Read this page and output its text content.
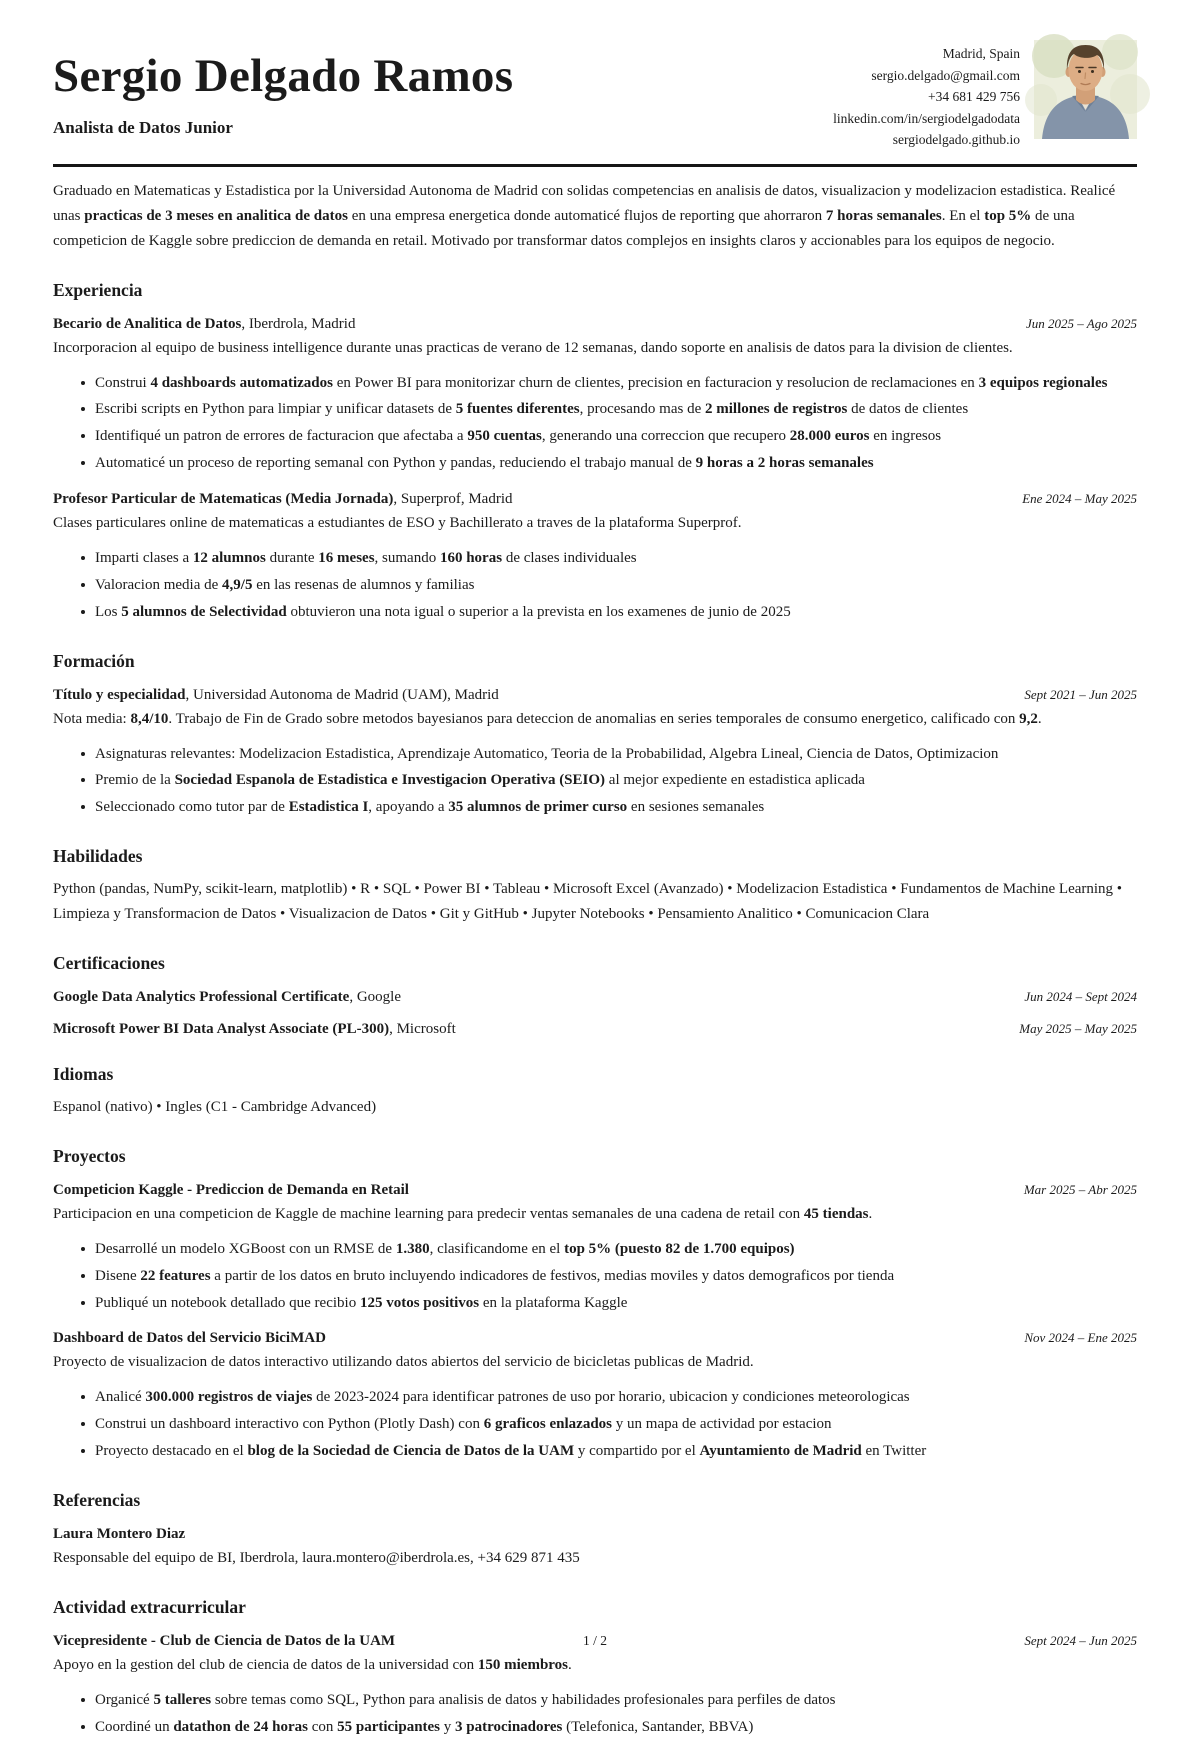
Sergio Delgado Ramos
Analista de Datos Junior
Madrid, Spain
sergio.delgado@gmail.com
+34 681 429 756
linkedin.com/in/sergiodelgadodata
sergiodelgado.github.io

Graduado en Matematicas y Estadistica por la Universidad Autonoma de Madrid con solidas competencias en analisis de datos, visualizacion y modelizacion estadistica. Realicé unas practicas de 3 meses en analitica de datos en una empresa energetica donde automaticé flujos de reporting que ahorraron 7 horas semanales. En el top 5% de una competicion de Kaggle sobre prediccion de demanda en retail. Motivado por transformar datos complejos en insights claros y accionables para los equipos de negocio.

Experiencia
Becario de Analitica de Datos, Iberdrola, Madrid	Jun 2025 – Ago 2025

Incorporacion al equipo de business intelligence durante unas practicas de verano de 12 semanas, dando soporte en analisis de datos para la division de clientes.

Construi 4 dashboards automatizados en Power BI para monitorizar churn de clientes, precision en facturacion y resolucion de reclamaciones en 3 equipos regionales
Escribi scripts en Python para limpiar y unificar datasets de 5 fuentes diferentes, procesando mas de 2 millones de registros de datos de clientes
Identifiqué un patron de errores de facturacion que afectaba a 950 cuentas, generando una correccion que recupero 28.000 euros en ingresos
Automaticé un proceso de reporting semanal con Python y pandas, reduciendo el trabajo manual de 9 horas a 2 horas semanales
Profesor Particular de Matematicas (Media Jornada), Superprof, Madrid	Ene 2024 – May 2025

Clases particulares online de matematicas a estudiantes de ESO y Bachillerato a traves de la plataforma Superprof.

Imparti clases a 12 alumnos durante 16 meses, sumando 160 horas de clases individuales
Valoracion media de 4,9/5 en las resenas de alumnos y familias
Los 5 alumnos de Selectividad obtuvieron una nota igual o superior a la prevista en los examenes de junio de 2025
Formación
Título y especialidad, Universidad Autonoma de Madrid (UAM), Madrid	Sept 2021 – Jun 2025

Nota media: 8,4/10. Trabajo de Fin de Grado sobre metodos bayesianos para deteccion de anomalias en series temporales de consumo energetico, calificado con 9,2.

Asignaturas relevantes: Modelizacion Estadistica, Aprendizaje Automatico, Teoria de la Probabilidad, Algebra Lineal, Ciencia de Datos, Optimizacion
Premio de la Sociedad Espanola de Estadistica e Investigacion Operativa (SEIO) al mejor expediente en estadistica aplicada
Seleccionado como tutor par de Estadistica I, apoyando a 35 alumnos de primer curso en sesiones semanales
Habilidades

Python (pandas, NumPy, scikit-learn, matplotlib) • R • SQL • Power BI • Tableau • Microsoft Excel (Avanzado) • Modelizacion Estadistica • Fundamentos de Machine Learning • Limpieza y Transformacion de Datos • Visualizacion de Datos • Git y GitHub • Jupyter Notebooks • Pensamiento Analitico • Comunicacion Clara

Certificaciones
Google Data Analytics Professional Certificate, Google	Jun 2024 – Sept 2024
Microsoft Power BI Data Analyst Associate (PL-300), Microsoft	May 2025 – May 2025
Idiomas

Espanol (nativo) • Ingles (C1 - Cambridge Advanced)

Proyectos
Competicion Kaggle - Prediccion de Demanda en Retail	Mar 2025 – Abr 2025

Participacion en una competicion de Kaggle de machine learning para predecir ventas semanales de una cadena de retail con 45 tiendas.

Desarrollé un modelo XGBoost con un RMSE de 1.380, clasificandome en el top 5% (puesto 82 de 1.700 equipos)
Disene 22 features a partir de los datos en bruto incluyendo indicadores de festivos, medias moviles y datos demograficos por tienda
Publiqué un notebook detallado que recibio 125 votos positivos en la plataforma Kaggle
Dashboard de Datos del Servicio BiciMAD	Nov 2024 – Ene 2025

Proyecto de visualizacion de datos interactivo utilizando datos abiertos del servicio de bicicletas publicas de Madrid.

Analicé 300.000 registros de viajes de 2023-2024 para identificar patrones de uso por horario, ubicacion y condiciones meteorologicas
Construi un dashboard interactivo con Python (Plotly Dash) con 6 graficos enlazados y un mapa de actividad por estacion
Proyecto destacado en el blog de la Sociedad de Ciencia de Datos de la UAM y compartido por el Ayuntamiento de Madrid en Twitter
Referencias
Laura Montero Diaz

Responsable del equipo de BI, Iberdrola, laura.montero@iberdrola.es, +34 629 871 435

Actividad extracurricular
Vicepresidente - Club de Ciencia de Datos de la UAM	Sept 2024 – Jun 2025

Apoyo en la gestion del club de ciencia de datos de la universidad con 150 miembros.

Organicé 5 talleres sobre temas como SQL, Python para analisis de datos y habilidades profesionales para perfiles de datos
Coordiné un datathon de 24 horas con 55 participantes y 3 patrocinadores (Telefonica, Santander, BBVA)
1 / 2
